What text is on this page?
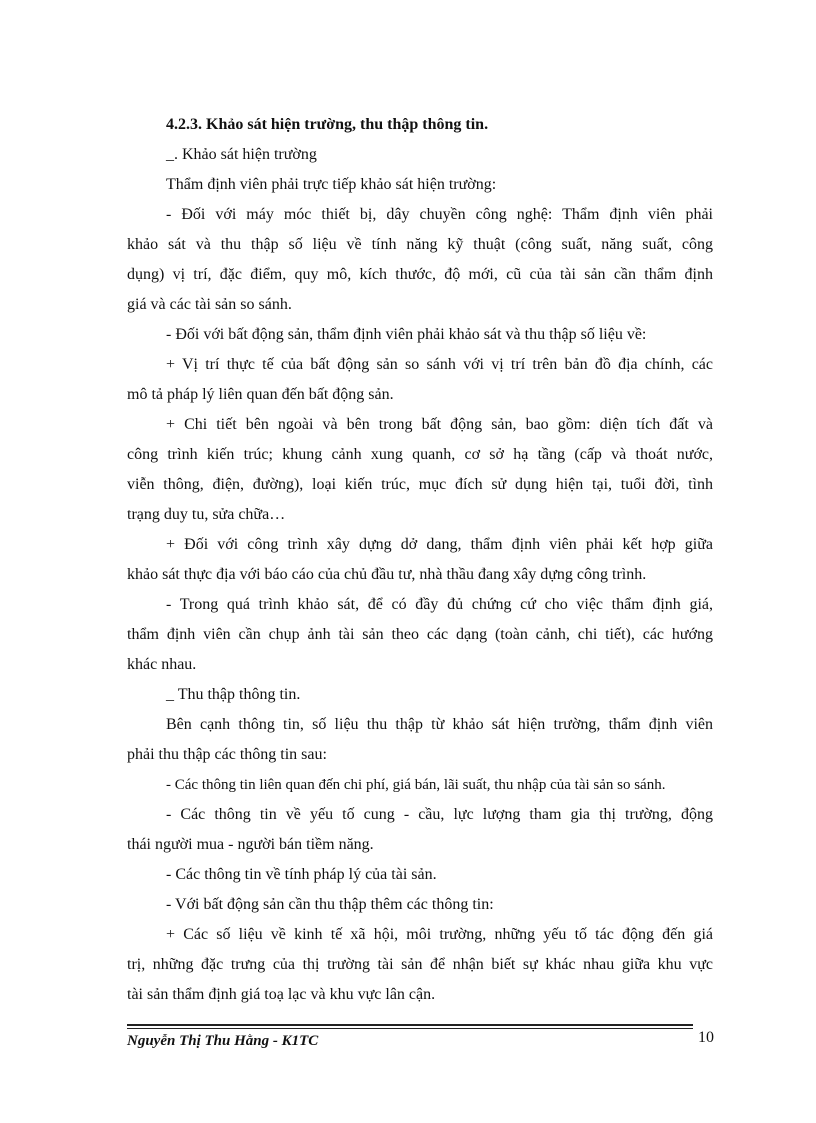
4.2.3. Khảo sát hiện trường, thu thập thông tin.
_. Khảo sát hiện trường
Thẩm định viên phải trực tiếp khảo sát hiện trường:
- Đối với máy móc thiết bị, dây chuyền công nghệ: Thẩm định viên phải
khảo sát và thu thập số liệu về tính năng kỹ thuật (công suất, năng suất, công
dụng) vị trí, đặc điểm, quy mô, kích thước, độ mới, cũ của tài sản cần thẩm định
giá và các tài sản so sánh.
- Đối với bất động sản, thẩm định viên phải khảo sát và thu thập số liệu về:
+ Vị trí thực tế của bất động sản so sánh với vị trí trên bản đồ địa chính, các
mô tả pháp lý liên quan đến bất động sản.
+ Chi tiết bên ngoài và bên trong bất động sản, bao gồm: diện tích đất và
công trình kiến trúc; khung cảnh xung quanh, cơ sở hạ tầng (cấp và thoát nước,
viễn thông, điện, đường), loại kiến trúc, mục đích sử dụng hiện tại, tuổi đời, tình
trạng duy tu, sửa chữa…
+ Đối với công trình xây dựng dở dang, thẩm định viên phải kết hợp giữa
khảo sát thực địa với báo cáo của chủ đầu tư, nhà thầu đang xây dựng công trình.
- Trong quá trình khảo sát, để có đầy đủ chứng cứ cho việc thẩm định giá,
thẩm định viên cần chụp ảnh tài sản theo các dạng (toàn cảnh, chi tiết), các hướng
khác nhau.
_ Thu thập thông tin.
Bên cạnh thông tin, số liệu thu thập từ khảo sát hiện trường, thẩm định viên
phải thu thập các thông tin sau:
- Các thông tin liên quan đến chi phí, giá bán, lãi suất, thu nhập của tài sản so sánh.
- Các thông tin về yếu tố cung - cầu, lực lượng tham gia thị trường, động
thái người mua - người bán tiềm năng.
- Các thông tin về tính pháp lý của tài sản.
- Với bất động sản cần thu thập thêm các thông tin:
+ Các số liệu về kinh tế xã hội, môi trường, những yếu tố tác động đến giá
trị, những đặc trưng của thị trường tài sản để nhận biết sự khác nhau giữa khu vực
tài sản thẩm định giá toạ lạc và khu vực lân cận.
Nguyễn Thị Thu Hằng - K1TC	10
